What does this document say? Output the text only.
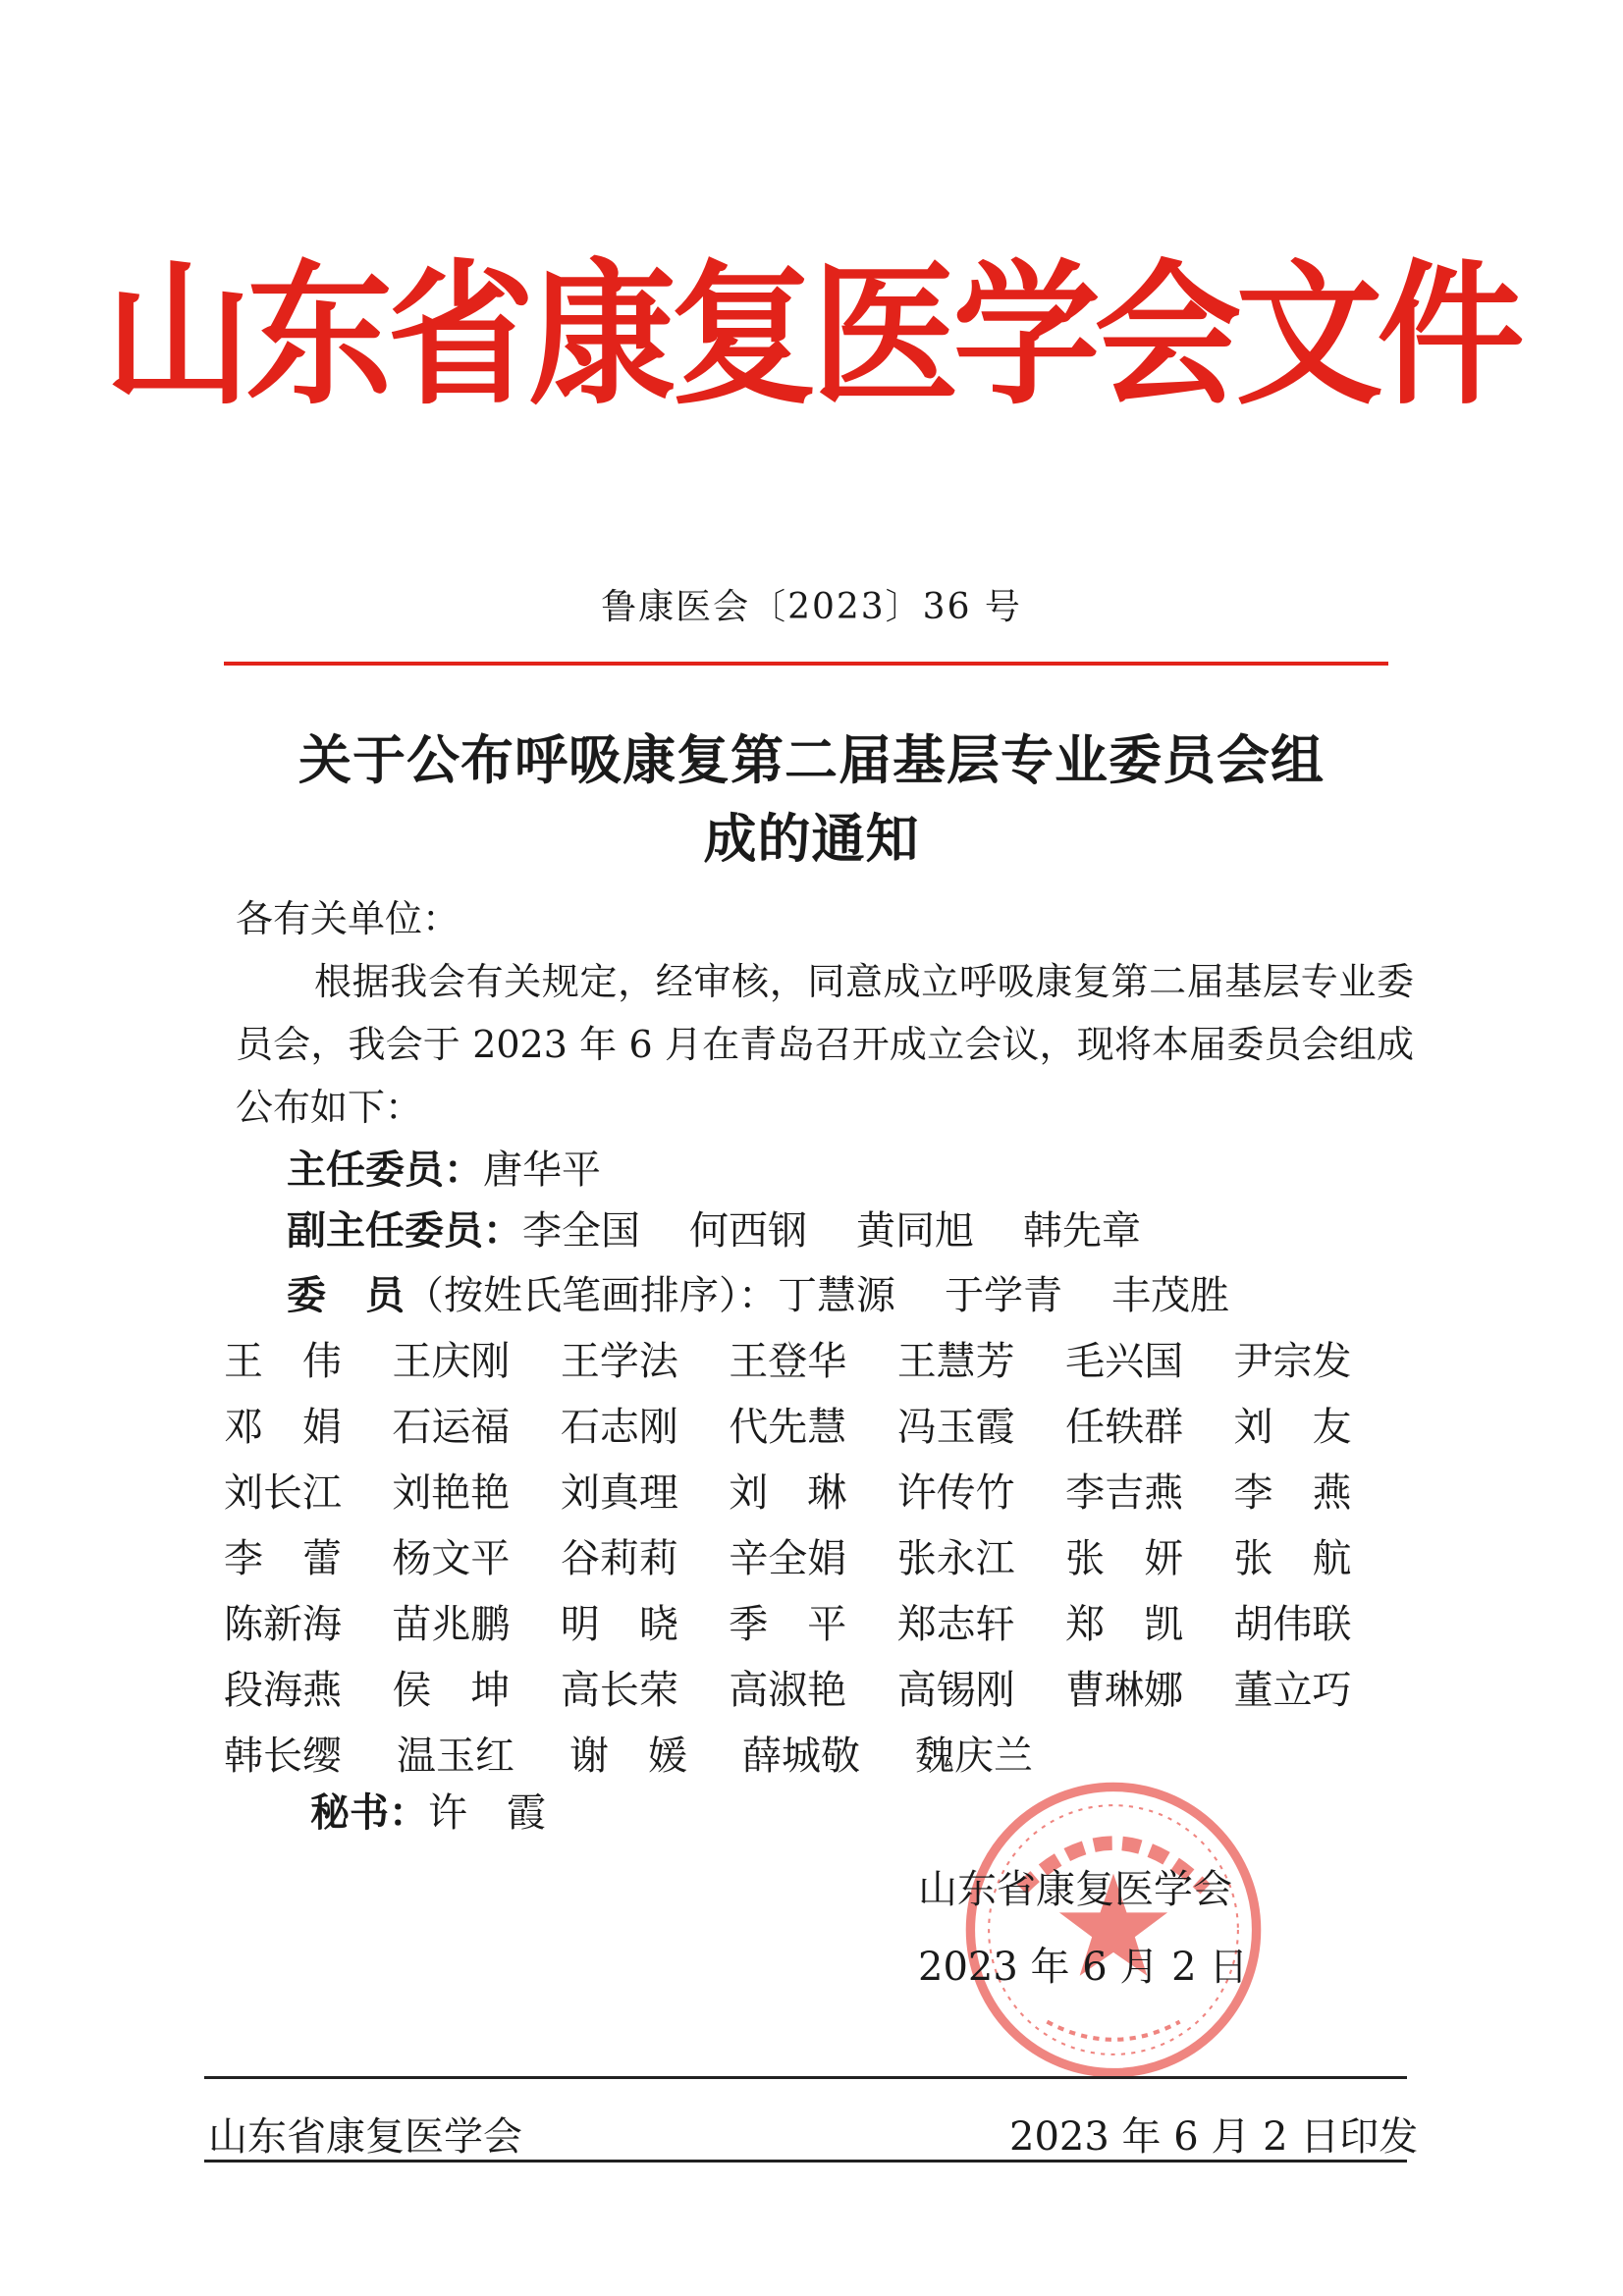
山东省康复医学会文件
鲁康医会〔2023〕36 号
关于公布呼吸康复第二届基层专业委员会组
成的通知
各有关单位：
根据我会有关规定，经审核，同意成立呼吸康复第二届基层专业委员会，我会于 2023 年 6 月在青岛召开成立会议，现将本届委员会组成公布如下：
主任委员：唐华平
副主任委员：李全国 何西钢 黄同旭 韩先章
委　员（按姓氏笔画排序）：丁慧源 于学青 丰茂胜
王　伟	王庆刚	王学法	王登华	王慧芳	毛兴国	尹宗发
邓　娟	石运福	石志刚	代先慧	冯玉霞	任轶群	刘　友
刘长江	刘艳艳	刘真理	刘　琳	许传竹	李吉燕	李　燕
李　蕾	杨文平	谷莉莉	辛全娟	张永江	张　妍	张　航
陈新海	苗兆鹏	明　晓	季　平	郑志轩	郑　凯	胡伟联
段海燕	侯　坤	高长荣	高淑艳	高锡刚	曹琳娜	董立巧
韩长缨	温玉红	谢　媛	薛城敬	魏庆兰
秘书：许　霞
山东省康复医学会
2023 年 6 月 2 日
山东省康复医学会	2023 年 6 月 2 日印发
